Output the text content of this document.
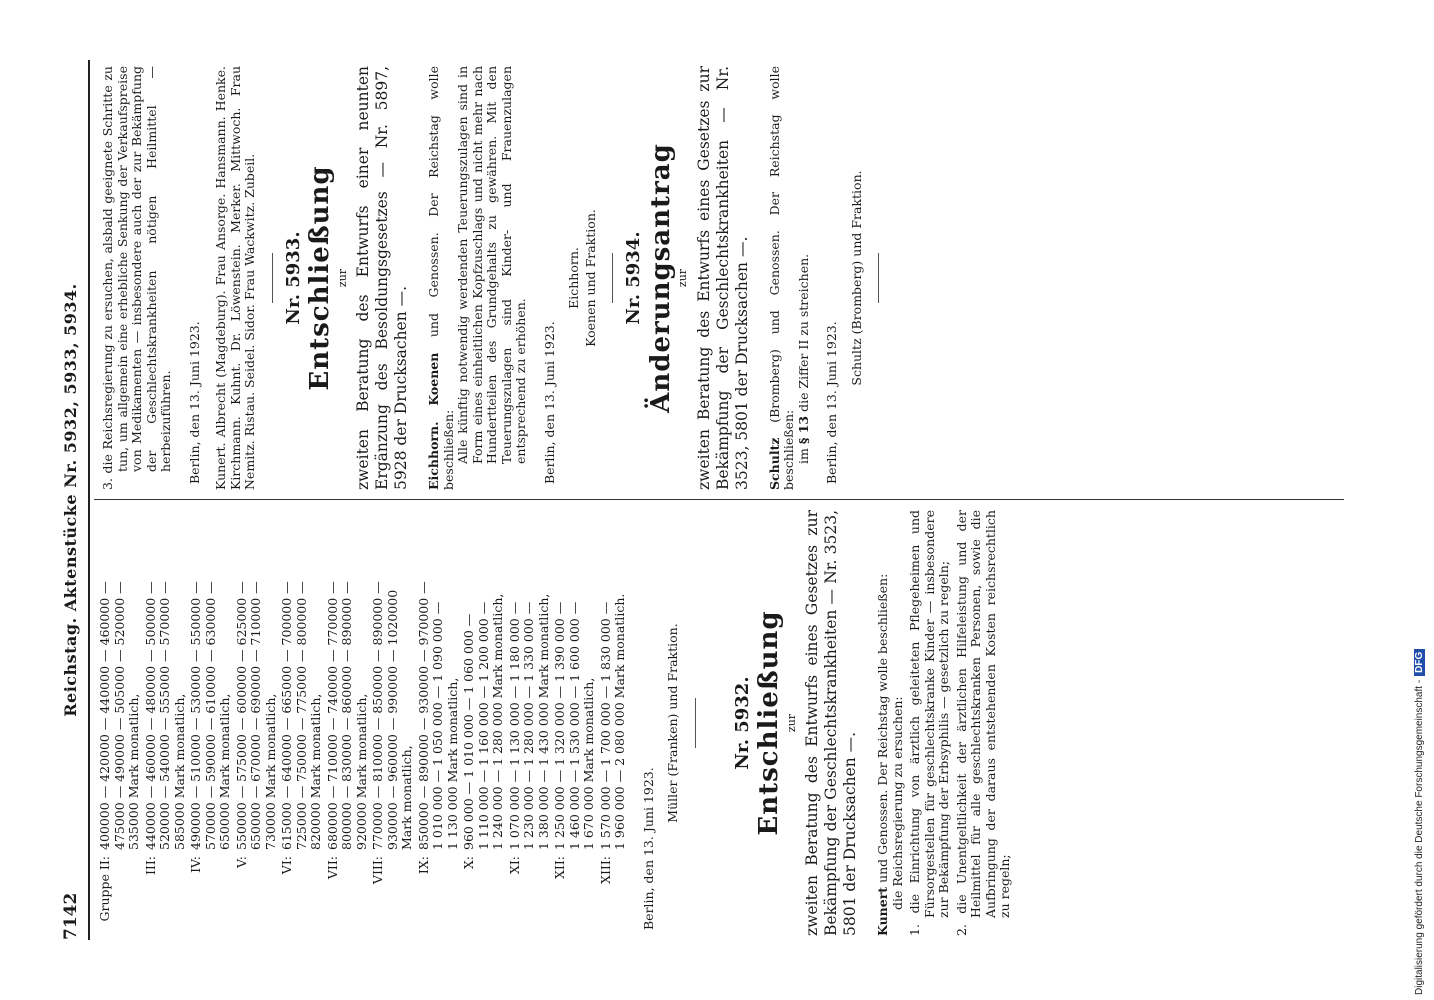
7142
Reichstag. Aktenstücke Nr. 5932, 5933, 5934.
Gruppe II:
400000 — 420000 — 440000 — 460000 — 475000 — 490000 — 505000 — 520000 — 535000 Mark monatlich,
III:
440000 — 460000 — 480000 — 500000 — 520000 — 540000 — 555000 — 570000 — 585000 Mark monatlich,
IV:
490000 — 510000 — 530000 — 550000 — 570000 — 590000 — 610000 — 630000 — 650000 Mark monatlich,
V:
550000 — 575000 — 600000 — 625000 — 650000 — 670000 — 690000 — 710000 — 730000 Mark monatlich,
VI:
615000 — 640000 — 665000 — 700000 — 725000 — 750000 — 775000 — 800000 — 820000 Mark monatlich,
VII:
680000 — 710000 — 740000 — 770000 — 800000 — 830000 — 860000 — 890000 — 920000 Mark monatlich,
VIII:
770000 — 810000 — 850000 — 890000 — 930000 — 960000 — 990000 — 1020000 Mark monatlich,
IX:
850000 — 890000 — 930000 — 970000 — 1 010 000 — 1 050 000 — 1 090 000 — 1 130 000 Mark monatlich,
X:
960 000 — 1 010 000 — 1 060 000 — 1 110 000 — 1 160 000 — 1 200 000 — 1 240 000 — 1 280 000 Mark monatlich,
XI:
1 070 000 — 1 130 000 — 1 180 000 — 1 230 000 — 1 280 000 — 1 330 000 — 1 380 000 — 1 430 000 Mark monatlich,
XII:
1 250 000 — 1 320 000 — 1 390 000 — 1 460 000 — 1 530 000 — 1 600 000 — 1 670 000 Mark monatlich,
XIII:
1 570 000 — 1 700 000 — 1 830 000 — 1 960 000 — 2 080 000 Mark monatlich. Berlin, den 13. Juni 1923.
Müller (Franken) und Fraktion.	Nr. 5932. Entschließung zur zweiten Beratung des Entwurfs eines Gesetzes zur Bekämpfung der Geschlechtskrankheiten — Nr. 3523, 5801 der Drucksachen —. Kunert und Genossen. Der Reichstag wolle beschließen: die Reichsregierung zu ersuchen: 1. die Einrichtung von ärztlich geleiteten Pflegeheimen und Fürsorgestellen für geschlechtskranke Kinder — insbesondere zur Bekämpfung der Erbsyphilis — gesetzlich zu regeln; 2. die Unentgeltlichkeit der ärztlichen Hilfeleistung und der Heilmittel für alle geschlechtskranken Personen, sowie die Aufbringung der daraus entstehenden Kosten reichsrechtlich zu regeln;
3. die Reichsregierung zu ersuchen, alsbald geeignete Schritte zu tun, um allgemein eine erhebliche Senkung der Verkaufspreise von Medikamenten — insbesondere auch der zur Bekämpfung der Geschlechtskrankheiten nötigen Heilmittel — herbeizuführen. Berlin, den 13. Juni 1923. Kunert. Albrecht (Magdeburg). Frau Ansorge. Hansmann. Henke. Kirchmann. Kuhnt. Dr. Löwenstein. Merker. Mittwoch. Frau Nemitz. Ristau. Seidel. Sidor. Frau Wackwitz. Zubeil. Nr. 5933. Entschließung zur zweiten Beratung des Entwurfs einer neunten Ergänzung des Besoldungsgesetzes — Nr. 5897, 5928 der Drucksachen —. Eichhorn. Koenen und Genossen. Der Reichstag wolle beschließen: Alle künftig notwendig werdenden Teuerungszulagen sind in Form eines einheitlichen Kopfzuschlags und nicht mehr nach Hundertteilen des Grundgehalts zu gewähren. Mit den Teuerungszulagen sind Kinder- und Frauenzulagen entsprechend zu erhöhen. Berlin, den 13. Juni 1923.
Eichhorn. Koenen und Fraktion. Nr. 5934. Änderungsantrag zur zweiten Beratung des Entwurfs eines Gesetzes zur Bekämpfung der Geschlechtskrankheiten — Nr. 3523, 5801 der Drucksachen —. Schultz (Bromberg) und Genossen. Der Reichstag wolle beschließen: im § 13 die Ziffer II zu streichen. Berlin, den 13. Juni 1923.
Schultz (Bromberg) und Fraktion.
Digitalisierung gefördert durch die Deutsche Forschungsgemeinschaft -DFG
